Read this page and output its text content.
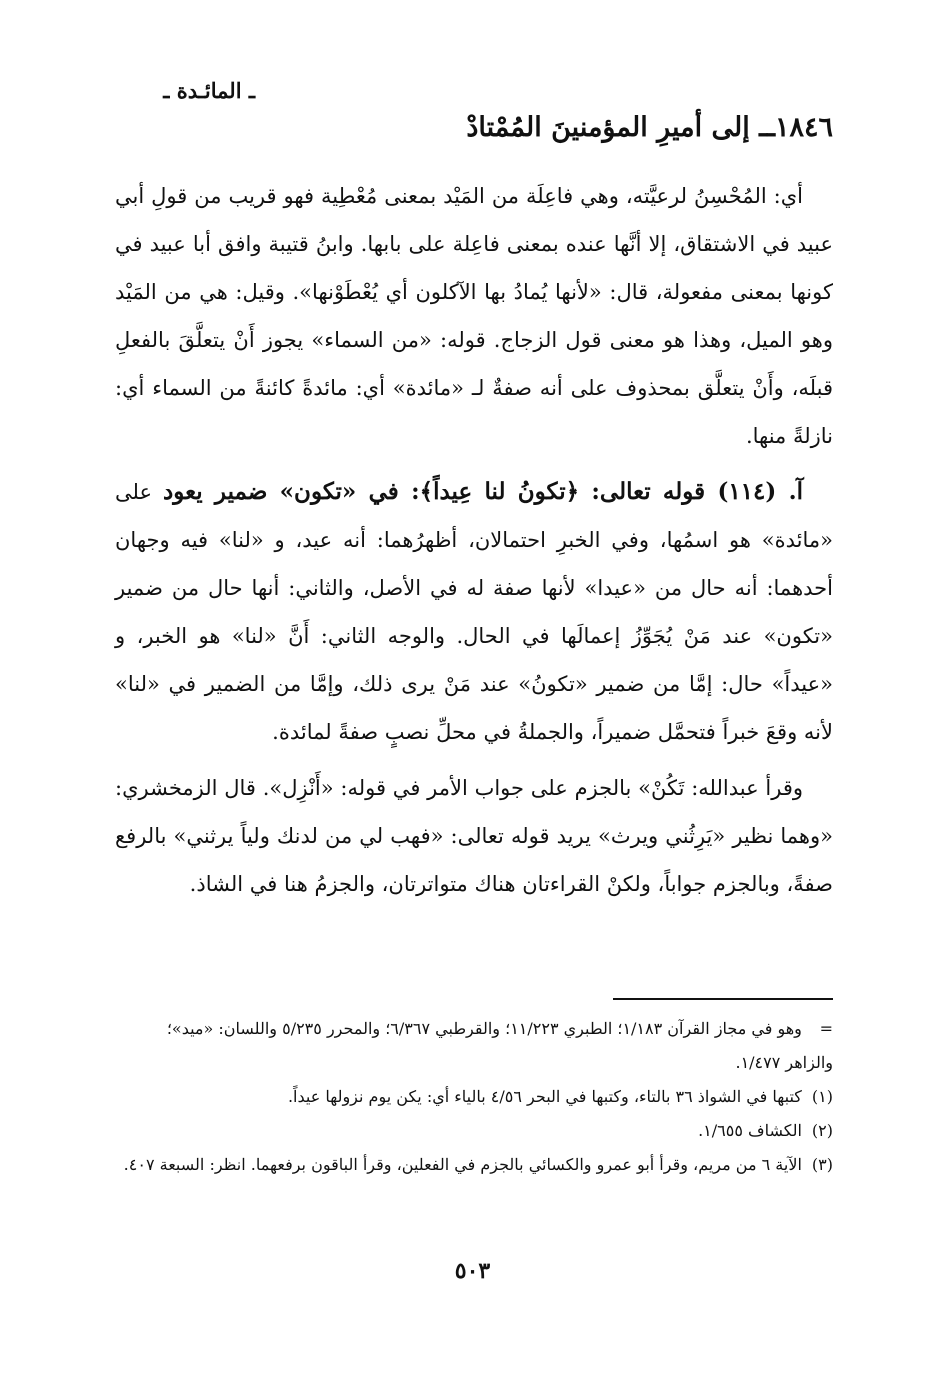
ـ المائـدة ـ
١٨٤٦ــ إلى أميرِ المؤمنينَ المُمْتادْ

أي: المُحْسِنُ لرعيَّته، وهي فاعِلَة من المَيْد بمعنى مُعْطِية فهو قريب من قولِ أبي عبيد في الاشتقاق، إلا أنَّها عنده بمعنى فاعِلة على بابها. وابنُ قتيبة وافق أبا عبيد في كونها بمعنى مفعولة، قال: «لأنها يُمادُ بها الآكلون أي يُعْطَوْنها». وقيل: هي من المَيْد وهو الميل، وهذا هو معنى قول الزجاج. قوله: «من السماء» يجوز أَنْ يتعلَّقَ بالفعلِ قبلَه، وأَنْ يتعلَّق بمحذوف على أنه صفةٌ لـ «مائدة» أي: مائدةً كائنةً من السماء أي: نازلةً منها.

آ. (١١٤) قوله تعالى: ﴿تكونُ لنا عِيداً﴾: في «تكون» ضمير يعود على «مائدة» هو اسمُها، وفي الخبرِ احتمالان، أظهرُهما: أنه عيد، و «لنا» فيه وجهان أحدهما: أنه حال من «عيدا» لأنها صفة له في الأصل، والثاني: أنها حال من ضمير «تكون» عند مَنْ يُجَوِّزُ إعمالَها في الحال. والوجه الثاني: أَنَّ «لنا» هو الخبر، و «عيداً» حال: إمَّا من ضمير «تكونُ» عند مَنْ يرى ذلك، وإمَّا من الضمير في «لنا» لأنه وقعَ خبراً فتحمَّل ضميراً، والجملةُ في محلِّ نصبٍ صفةً لمائدة.

وقرأ عبدالله: تَكُنْ» بالجزم على جواب الأمر في قوله: «أَنْزِل». قال الزمخشري: «وهما نظير «يَرِثُني ويرث» يريد قوله تعالى: «فهب لي من لدنك ولياً يرثني» بالرفع صفةً، وبالجزم جواباً، ولكنْ القراءتان هناك متواترتان، والجزمُ هنا في الشاذ.

= وهو في مجاز القرآن ١/١٨٣؛ الطبري ١١/٢٢٣؛ والقرطبي ٦/٣٦٧؛ والمحرر ٥/٢٣٥ واللسان: «ميد»؛ والزاهر ١/٤٧٧.

(١) كتبها في الشواذ ٣٦ بالتاء، وكتبها في البحر ٤/٥٦ بالياء أي: يكن يوم نزولها عيداً.

(٢) الكشاف ١/٦٥٥.

(٣) الآية ٦ من مريم، وقرأ أبو عمرو والكسائي بالجزم في الفعلين، وقرأ الباقون برفعهما. انظر: السبعة ٤٠٧.

٥٠٣
